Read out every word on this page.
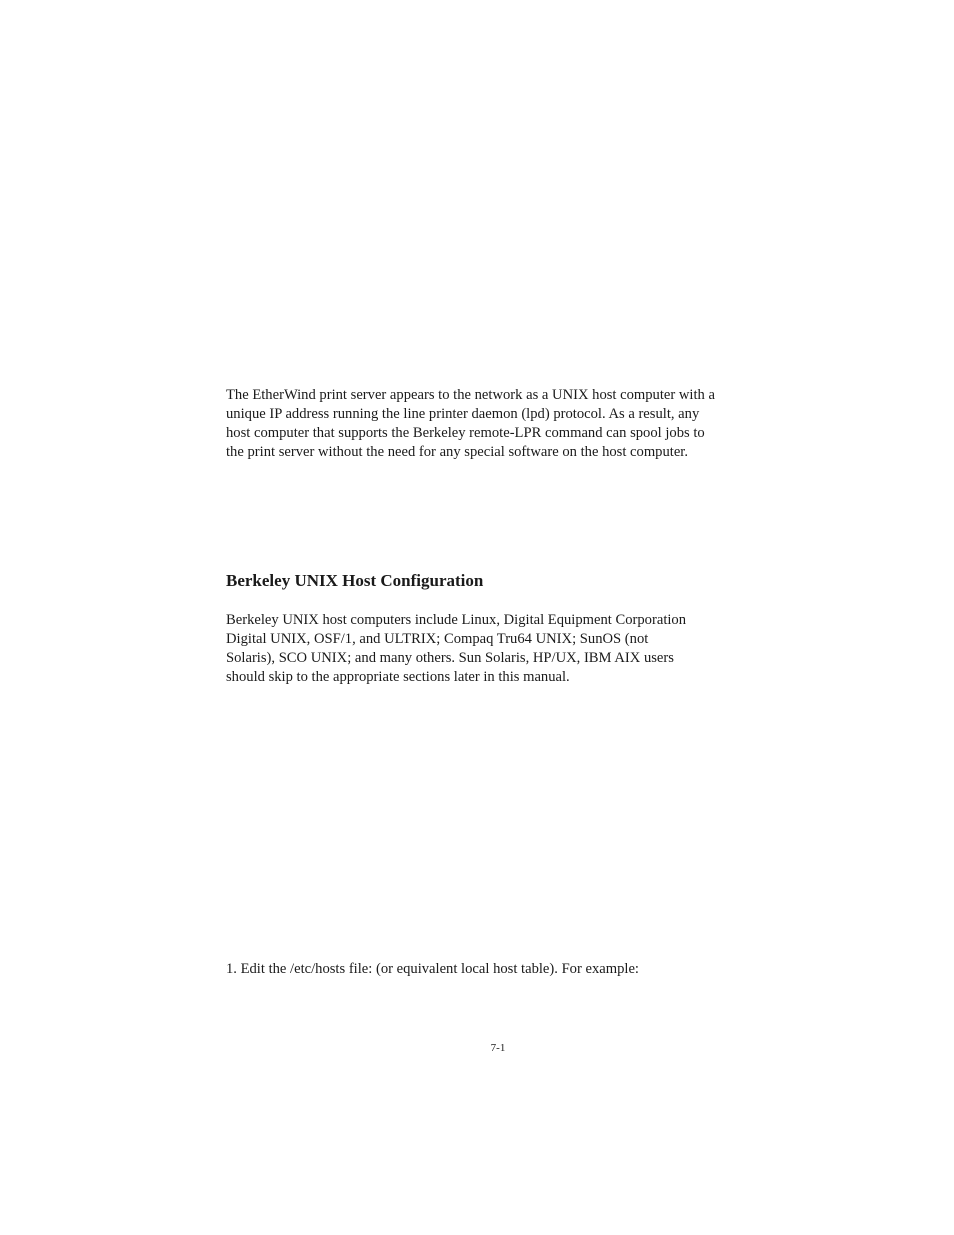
The EtherWind print server appears to the network as a UNIX host computer with a
unique IP address running the line printer daemon (lpd) protocol. As a result, any
host computer that supports the Berkeley remote-LPR command can spool jobs to
the print server without the need for any special software on the host computer.

Berkeley UNIX Host Configuration

Berkeley UNIX host computers include Linux, Digital Equipment Corporation
Digital UNIX, OSF/1, and ULTRIX; Compaq Tru64 UNIX; SunOS (not
Solaris), SCO UNIX; and many others. Sun Solaris, HP/UX, IBM AIX users
should skip to the appropriate sections later in this manual.

1. Edit the /etc/hosts file: (or equivalent local host table). For example:

7-1
